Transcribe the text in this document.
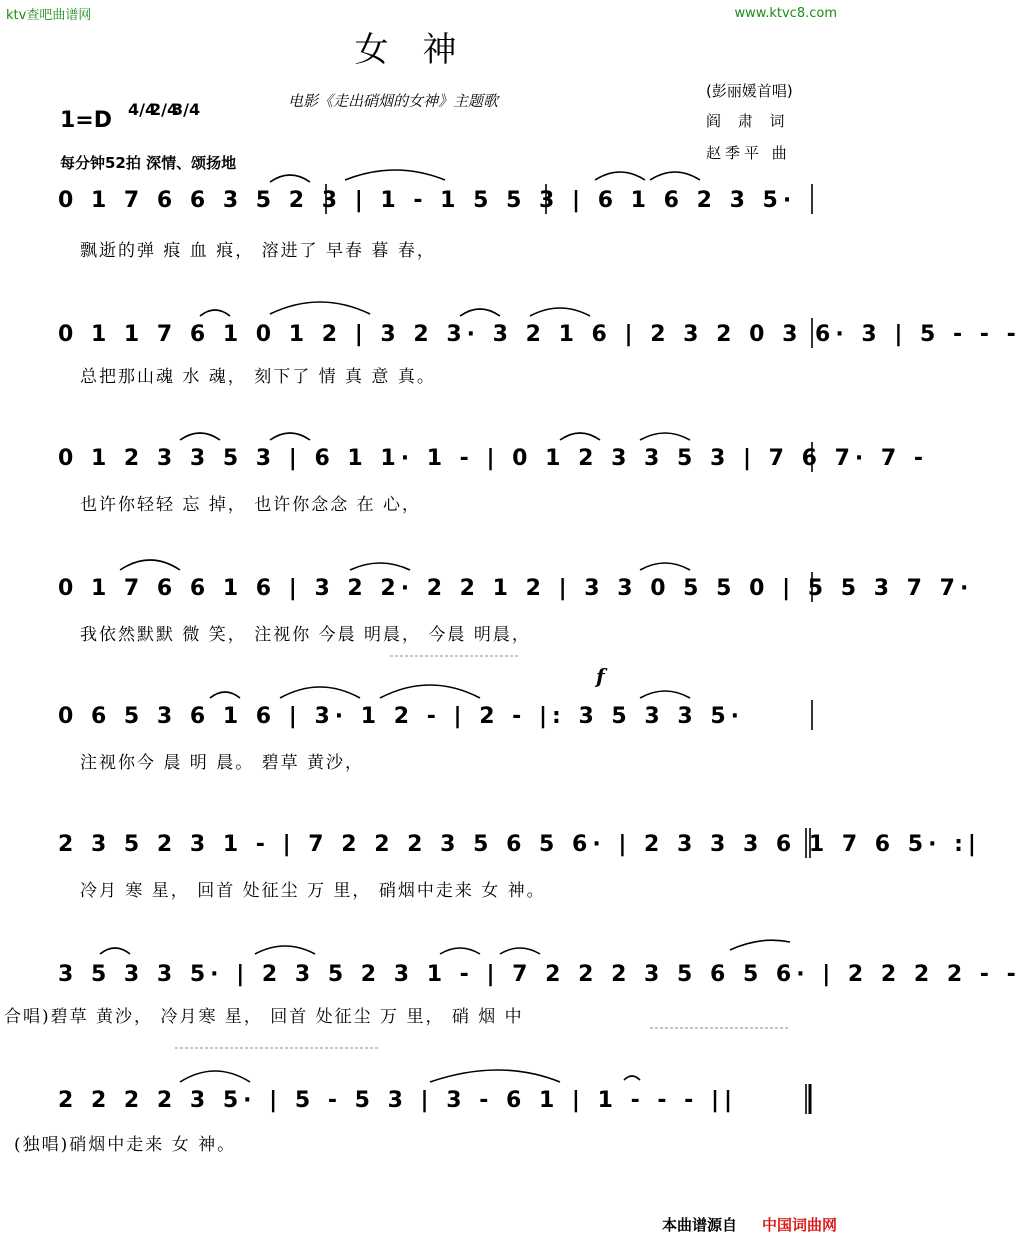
ktv查吧曲谱网	www.ktvc8.com
女神
电影《走出硝烟的女神》主题歌
(彭丽媛首唱)
阎 肃 词
赵季平 曲
1=D 4/42/43/4
每分钟52拍 深情、颂扬地
0 1 7 6 6 3 5 2 3 | 1 - 1 5 5 3 | 6 1 6 2 3 5·
飘逝的弹 痕 血 痕， 溶进了 早春 暮 春，
0 1 1 7 6 1 0 1 2 | 3 2 3· 3 2 1 6 | 2 3 2 0 3 6· 3 | 5 - - -
总把那山魂 水 魂， 刻下了 情 真 意 真。
0 1 2 3 3 5 3 | 6 1 1· 1 - | 0 1 2 3 3 5 3 | 7 6 7· 7 -
也许你轻轻 忘 掉， 也许你念念 在 心，
0 1 7 6 6 1 6 | 3 2 2· 2 2 1 2 | 3 3 0 5 5 0 | 5 5 3 7 7·
我依然默默 微 笑， 注视你 今晨 明晨， 今晨 明晨，
f
0 6 5 3 6 1 6 | 3· 1 2 - | 2 - |: 3 5 3 3 5·
注视你今 晨 明 晨。 碧草 黄沙，
2 3 5 2 3 1 - | 7 2 2 2 3 5 6 5 6· | 2 3 3 3 6 1 7 6 5· :|
冷月 寒 星， 回首 处征尘 万 里， 硝烟中走来 女 神。
3 5 3 3 5· | 2 3 5 2 3 1 - | 7 2 2 2 3 5 6 5 6· | 2 2 2 2 - -
合唱)碧草 黄沙， 冷月寒 星， 回首 处征尘 万 里， 硝 烟 中
2 2 2 2 3 5· | 5 - 5 3 | 3 - 6 1 | 1 - - - ||
(独唱)硝烟中走来 女 神。
本曲谱源自 中国词曲网
